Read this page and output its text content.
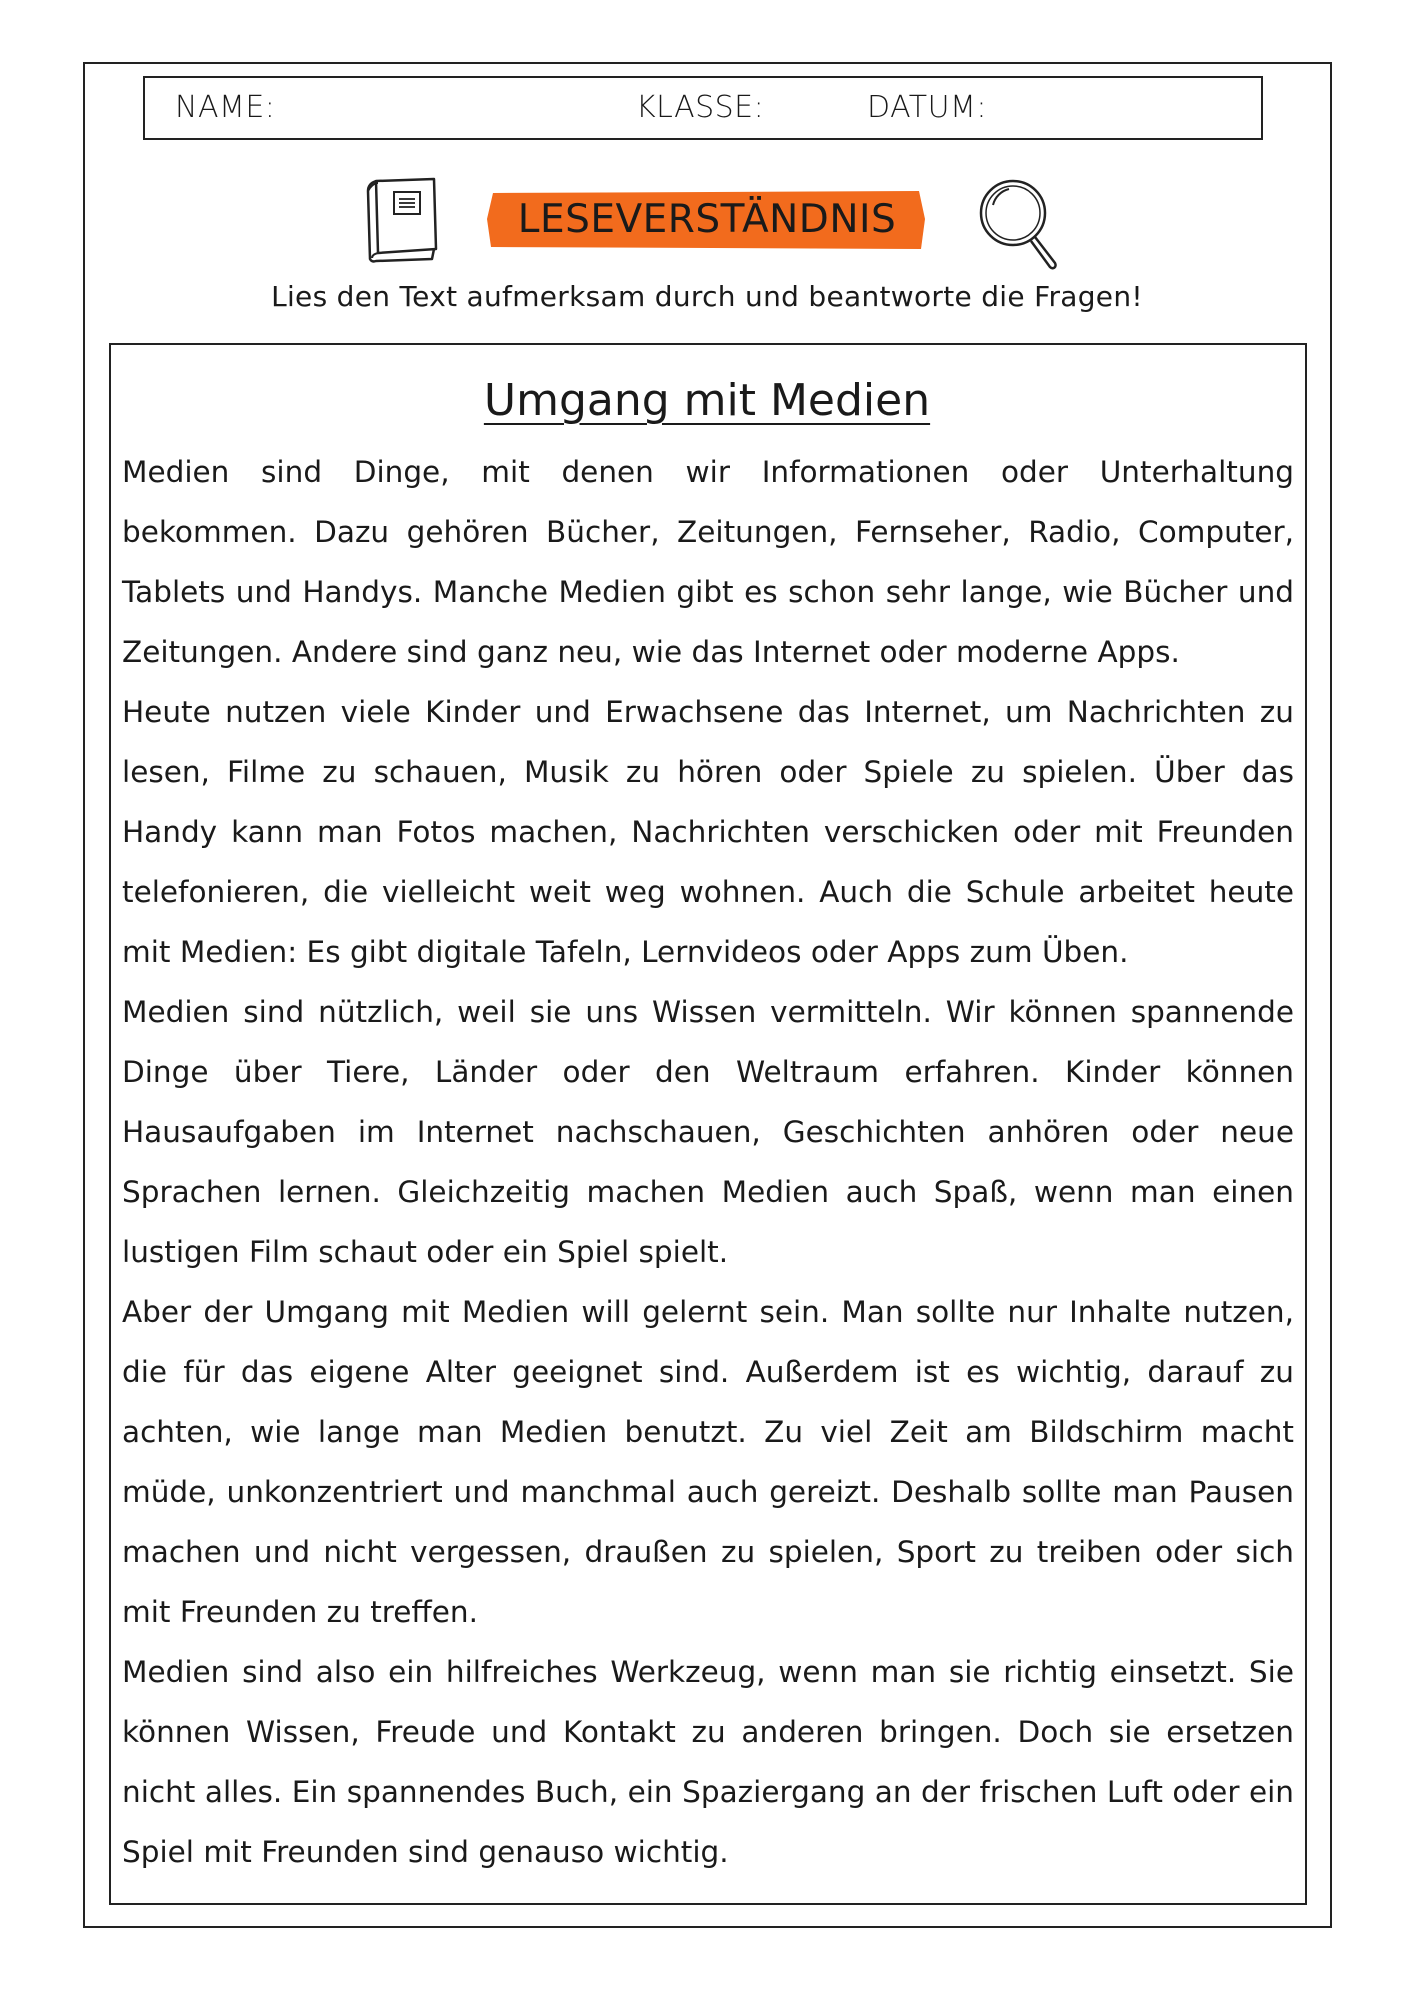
NAME:	KLASSE:	DATUM:
LESEVERSTÄNDNIS
Lies den Text aufmerksam durch und beantworte die Fragen!
Umgang mit Medien

Medien sind Dinge, mit denen wir Informationen oder Unterhaltung bekommen. Dazu gehören Bücher, Zeitungen, Fernseher, Radio, Computer, Tablets und Handys. Manche Medien gibt es schon sehr lange, wie Bücher und Zeitungen. Andere sind ganz neu, wie das Internet oder moderne Apps.

Heute nutzen viele Kinder und Erwachsene das Internet, um Nachrichten zu lesen, Filme zu schauen, Musik zu hören oder Spiele zu spielen. Über das Handy kann man Fotos machen, Nachrichten verschicken oder mit Freunden telefonieren, die vielleicht weit weg wohnen. Auch die Schule arbeitet heute mit Medien: Es gibt digitale Tafeln, Lernvideos oder Apps zum Üben.

Medien sind nützlich, weil sie uns Wissen vermitteln. Wir können spannende Dinge über Tiere, Länder oder den Weltraum erfahren. Kinder können Hausaufgaben im Internet nachschauen, Geschichten anhören oder neue Sprachen lernen. Gleichzeitig machen Medien auch Spaß, wenn man einen lustigen Film schaut oder ein Spiel spielt.

Aber der Umgang mit Medien will gelernt sein. Man sollte nur Inhalte nutzen, die für das eigene Alter geeignet sind. Außerdem ist es wichtig, darauf zu achten, wie lange man Medien benutzt. Zu viel Zeit am Bildschirm macht müde, unkonzentriert und manchmal auch gereizt. Deshalb sollte man Pausen machen und nicht vergessen, draußen zu spielen, Sport zu treiben oder sich mit Freunden zu treffen.

Medien sind also ein hilfreiches Werkzeug, wenn man sie richtig einsetzt. Sie können Wissen, Freude und Kontakt zu anderen bringen. Doch sie ersetzen nicht alles. Ein spannendes Buch, ein Spaziergang an der frischen Luft oder ein Spiel mit Freunden sind genauso wichtig.
